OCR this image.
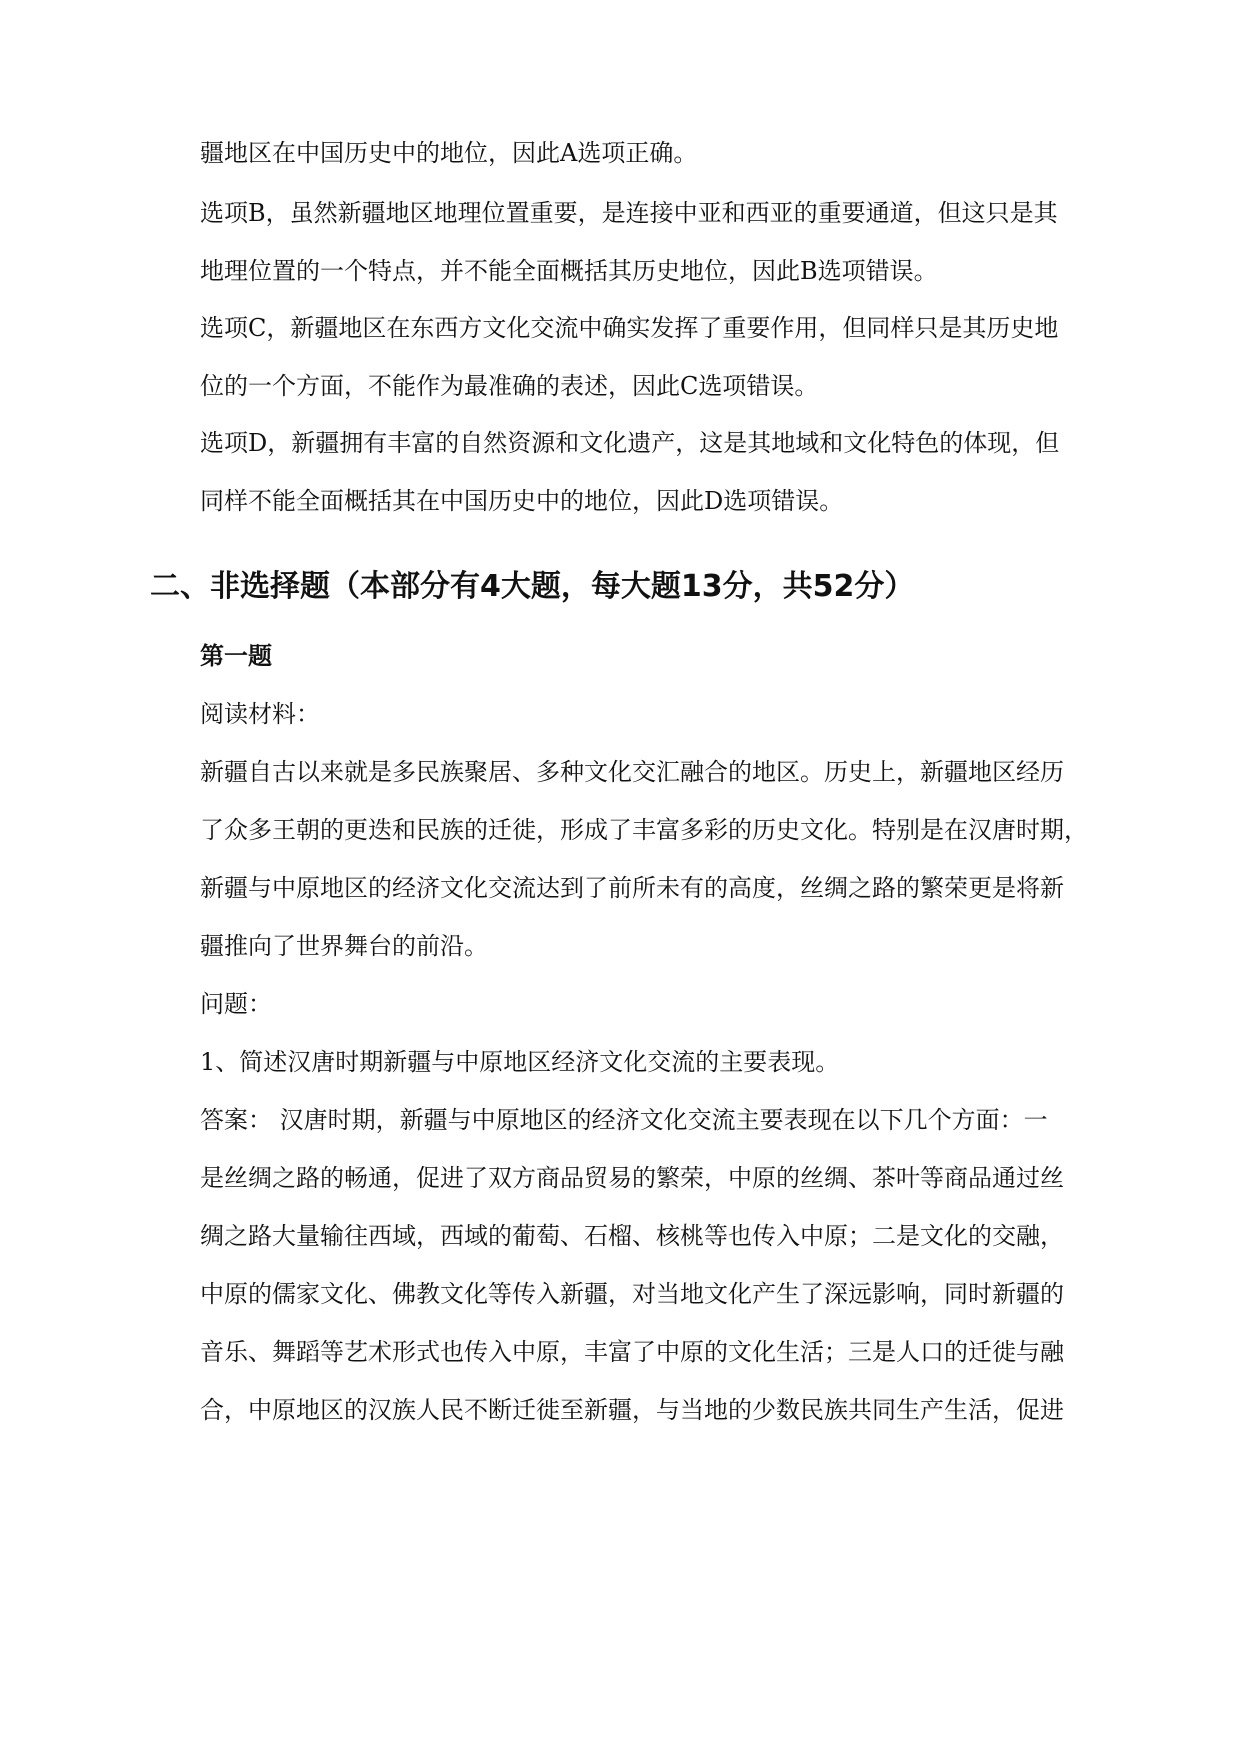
疆地区在中国历史中的地位，因此A选项正确。
选项B，虽然新疆地区地理位置重要，是连接中亚和西亚的重要通道，但这只是其
地理位置的一个特点，并不能全面概括其历史地位，因此B选项错误。
选项C，新疆地区在东西方文化交流中确实发挥了重要作用，但同样只是其历史地
位的一个方面，不能作为最准确的表述，因此C选项错误。
选项D，新疆拥有丰富的自然资源和文化遗产，这是其地域和文化特色的体现，但
同样不能全面概括其在中国历史中的地位，因此D选项错误。
二、非选择题（本部分有4大题，每大题13分，共52分）
第一题
阅读材料：
新疆自古以来就是多民族聚居、多种文化交汇融合的地区。历史上，新疆地区经历
了众多王朝的更迭和民族的迁徙，形成了丰富多彩的历史文化。特别是在汉唐时期，
新疆与中原地区的经济文化交流达到了前所未有的高度，丝绸之路的繁荣更是将新
疆推向了世界舞台的前沿。
问题：
1、简述汉唐时期新疆与中原地区经济文化交流的主要表现。
答案： 汉唐时期，新疆与中原地区的经济文化交流主要表现在以下几个方面：一
是丝绸之路的畅通，促进了双方商品贸易的繁荣，中原的丝绸、茶叶等商品通过丝
绸之路大量输往西域，西域的葡萄、石榴、核桃等也传入中原；二是文化的交融，
中原的儒家文化、佛教文化等传入新疆，对当地文化产生了深远影响，同时新疆的
音乐、舞蹈等艺术形式也传入中原，丰富了中原的文化生活；三是人口的迁徙与融
合，中原地区的汉族人民不断迁徙至新疆，与当地的少数民族共同生产生活，促进
